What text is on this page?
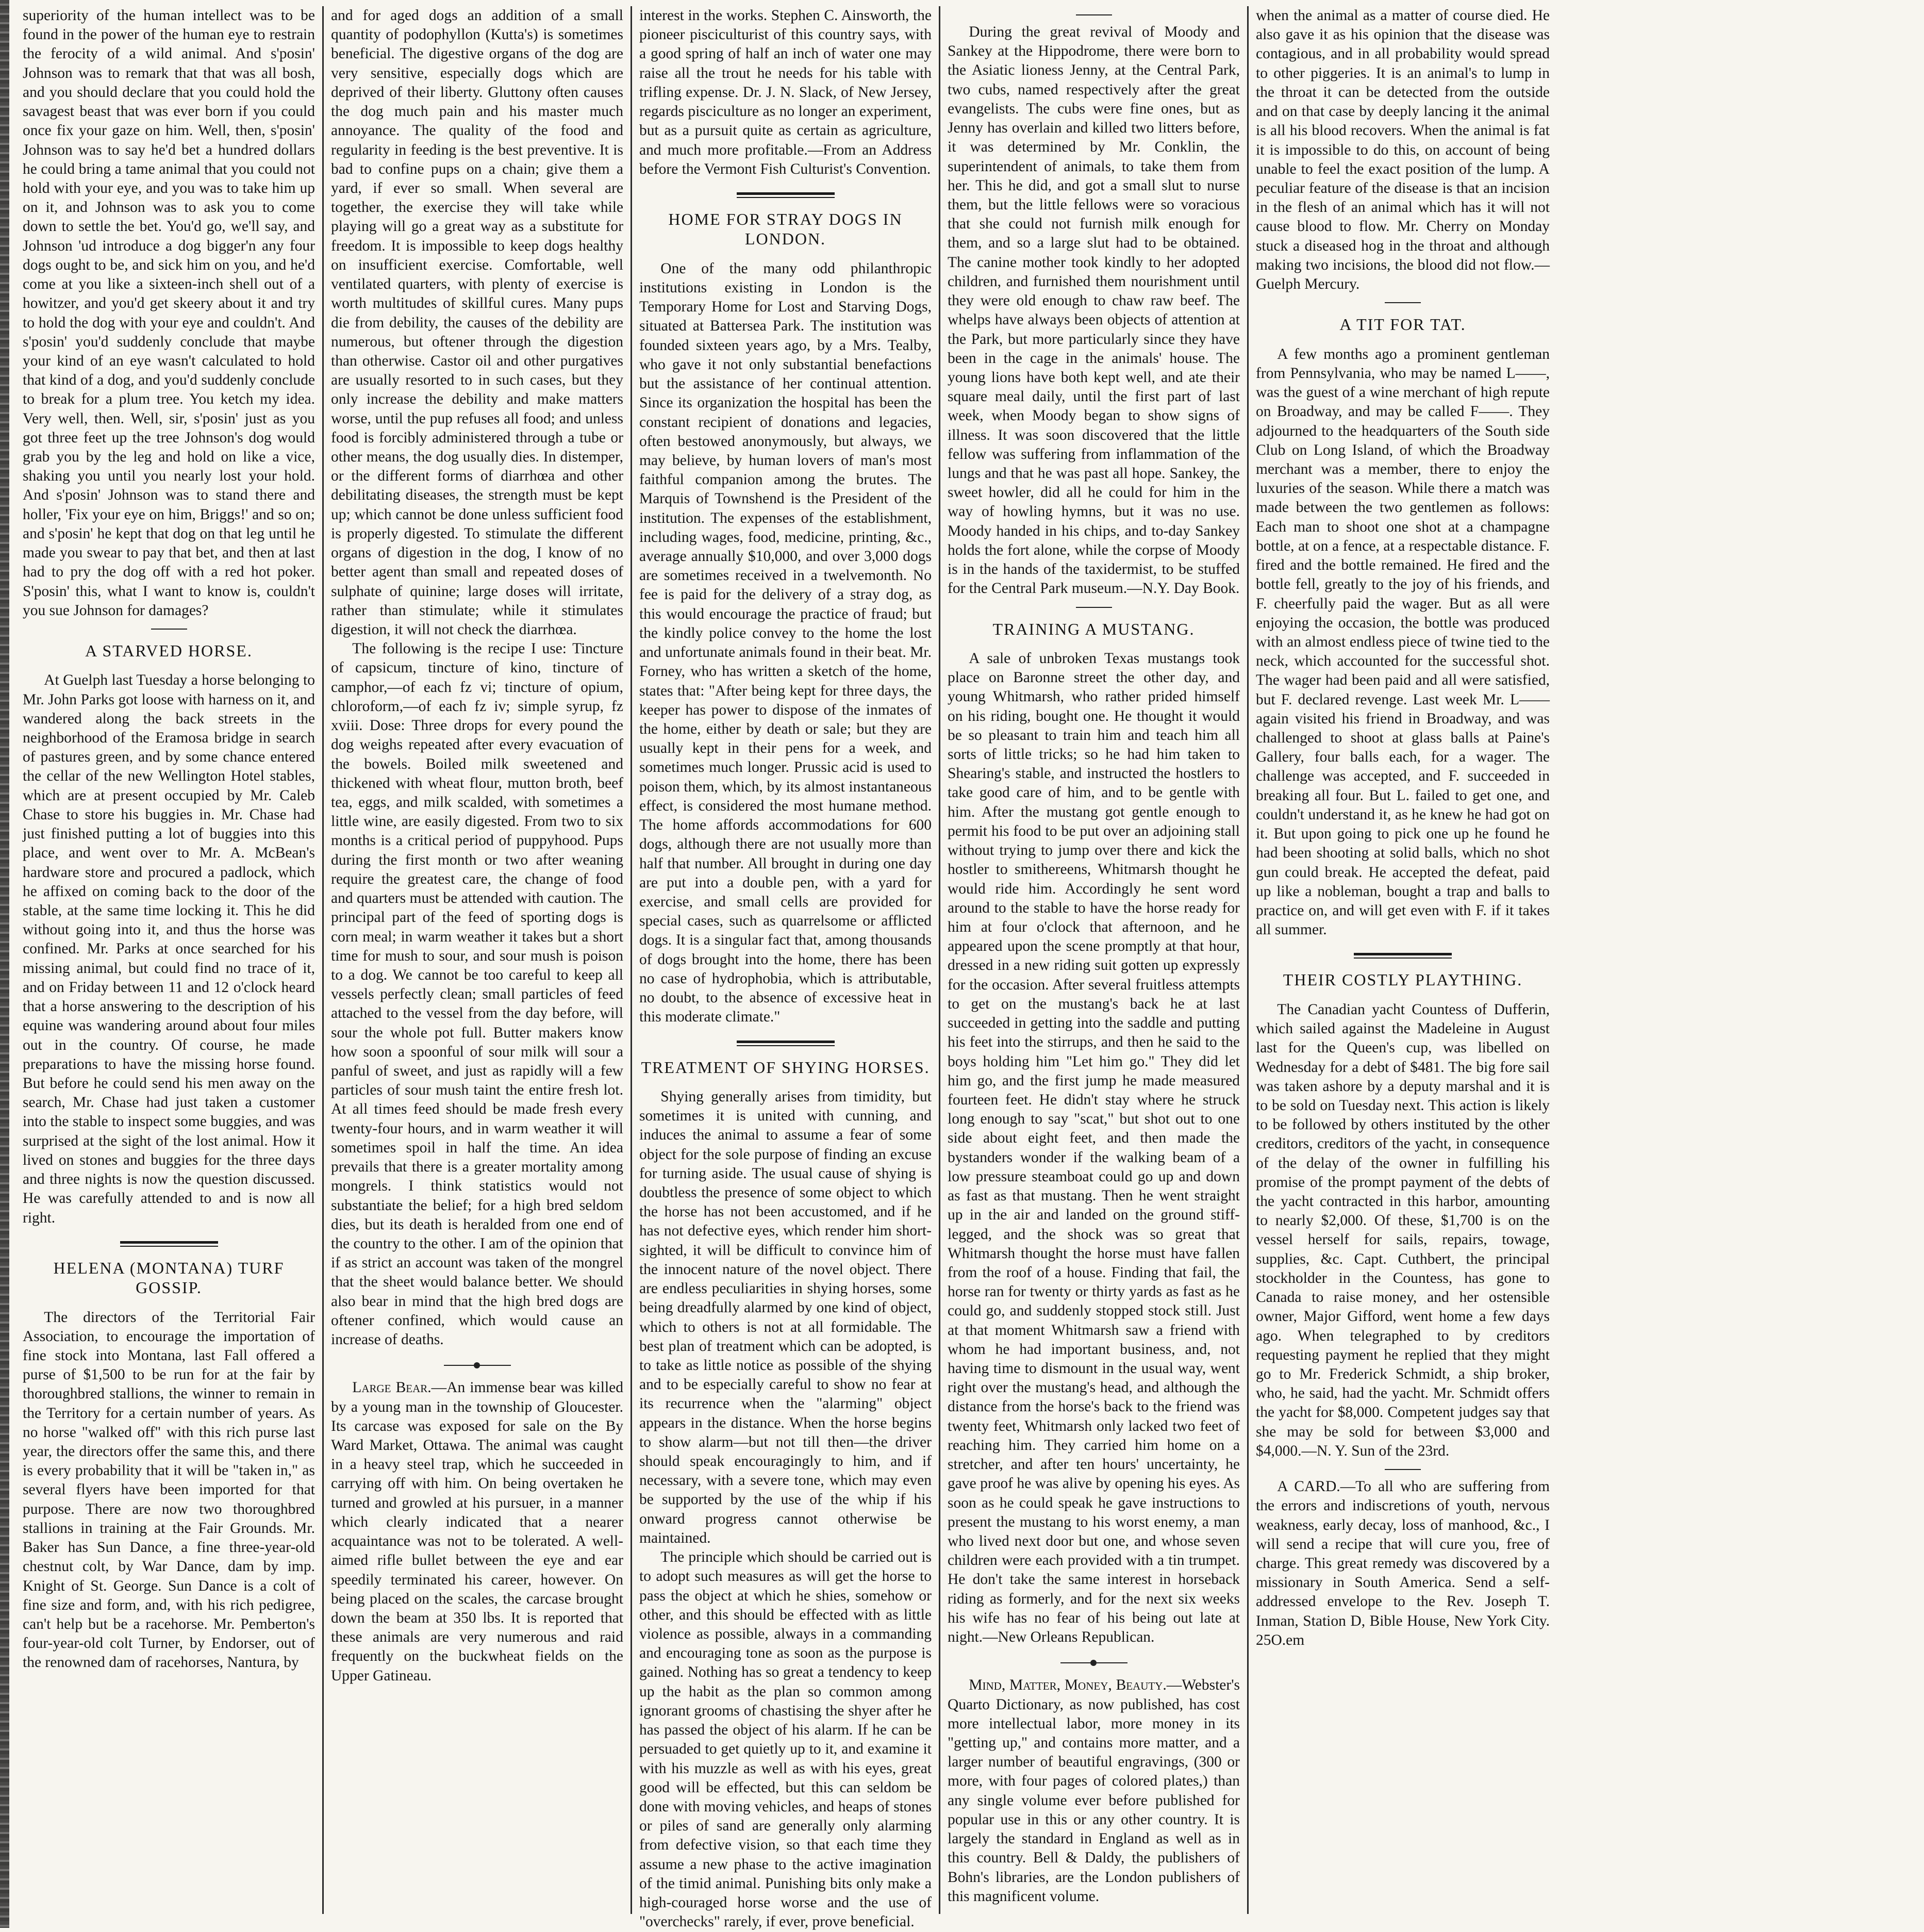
superiority of the human intellect was to be found in the power of the human eye to restrain the ferocity of a wild animal. And s'posin' Johnson was to remark that that was all bosh, and you should declare that you could hold the savagest beast that was ever born if you could once fix your gaze on him. Well, then, s'posin' Johnson was to say he'd bet a hundred dollars he could bring a tame animal that you could not hold with your eye, and you was to take him up on it, and Johnson was to ask you to come down to settle the bet. You'd go, we'll say, and Johnson 'ud introduce a dog bigger'n any four dogs ought to be, and sick him on you, and he'd come at you like a sixteen-inch shell out of a howitzer, and you'd get skeery about it and try to hold the dog with your eye and couldn't. And s'posin' you'd suddenly conclude that maybe your kind of an eye wasn't calculated to hold that kind of a dog, and you'd suddenly conclude to break for a plum tree. You ketch my idea. Very well, then. Well, sir, s'posin' just as you got three feet up the tree Johnson's dog would grab you by the leg and hold on like a vice, shaking you until you nearly lost your hold. And s'posin' Johnson was to stand there and holler, 'Fix your eye on him, Briggs!' and so on; and s'posin' he kept that dog on that leg until he made you swear to pay that bet, and then at last had to pry the dog off with a red hot poker. S'posin' this, what I want to know is, couldn't you sue Johnson for damages?

A STARVED HORSE.

At Guelph last Tuesday a horse belonging to Mr. John Parks got loose with harness on it, and wandered along the back streets in the neighborhood of the Eramosa bridge in search of pastures green, and by some chance entered the cellar of the new Wellington Hotel stables, which are at present occupied by Mr. Caleb Chase to store his buggies in. Mr. Chase had just finished putting a lot of buggies into this place, and went over to Mr. A. McBean's hardware store and procured a padlock, which he affixed on coming back to the door of the stable, at the same time locking it. This he did without going into it, and thus the horse was confined. Mr. Parks at once searched for his missing animal, but could find no trace of it, and on Friday between 11 and 12 o'clock heard that a horse answering to the description of his equine was wandering around about four miles out in the country. Of course, he made preparations to have the missing horse found. But before he could send his men away on the search, Mr. Chase had just taken a customer into the stable to inspect some buggies, and was surprised at the sight of the lost animal. How it lived on stones and buggies for the three days and three nights is now the question discussed. He was carefully attended to and is now all right.

HELENA (MONTANA) TURF GOSSIP.

The directors of the Territorial Fair Association, to encourage the importation of fine stock into Montana, last Fall offered a purse of $1,500 to be run for at the fair by thoroughbred stallions, the winner to remain in the Territory for a certain number of years. As no horse "walked off" with this rich purse last year, the directors offer the same this, and there is every probability that it will be "taken in," as several flyers have been imported for that purpose. There are now two thoroughbred stallions in training at the Fair Grounds. Mr. Baker has Sun Dance, a fine three-year-old chestnut colt, by War Dance, dam by imp. Knight of St. George. Sun Dance is a colt of fine size and form, and, with his rich pedigree, can't help but be a racehorse. Mr. Pemberton's four-year-old colt Turner, by Endorser, out of the renowned dam of racehorses, Nantura, by

and for aged dogs an addition of a small quantity of podophyllon (Kutta's) is sometimes beneficial. The digestive organs of the dog are very sensitive, especially dogs which are deprived of their liberty. Gluttony often causes the dog much pain and his master much annoyance. The quality of the food and regularity in feeding is the best preventive. It is bad to confine pups on a chain; give them a yard, if ever so small. When several are together, the exercise they will take while playing will go a great way as a substitute for freedom. It is impossible to keep dogs healthy on insufficient exercise. Comfortable, well ventilated quarters, with plenty of exercise is worth multitudes of skillful cures. Many pups die from debility, the causes of the debility are numerous, but oftener through the digestion than otherwise. Castor oil and other purgatives are usually resorted to in such cases, but they only increase the debility and make matters worse, until the pup refuses all food; and unless food is forcibly administered through a tube or other means, the dog usually dies. In distemper, or the different forms of diarrhœa and other debilitating diseases, the strength must be kept up; which cannot be done unless sufficient food is properly digested. To stimulate the different organs of digestion in the dog, I know of no better agent than small and repeated doses of sulphate of quinine; large doses will irritate, rather than stimulate; while it stimulates digestion, it will not check the diarrhœa.

The following is the recipe I use: Tincture of capsicum, tincture of kino, tincture of camphor,—of each fz vi; tincture of opium, chloroform,—of each fz iv; simple syrup, fz xviii. Dose: Three drops for every pound the dog weighs repeated after every evacuation of the bowels. Boiled milk sweetened and thickened with wheat flour, mutton broth, beef tea, eggs, and milk scalded, with sometimes a little wine, are easily digested. From two to six months is a critical period of puppyhood. Pups during the first month or two after weaning require the greatest care, the change of food and quarters must be attended with caution. The principal part of the feed of sporting dogs is corn meal; in warm weather it takes but a short time for mush to sour, and sour mush is poison to a dog. We cannot be too careful to keep all vessels perfectly clean; small particles of feed attached to the vessel from the day before, will sour the whole pot full. Butter makers know how soon a spoonful of sour milk will sour a panful of sweet, and just as rapidly will a few particles of sour mush taint the entire fresh lot. At all times feed should be made fresh every twenty-four hours, and in warm weather it will sometimes spoil in half the time. An idea prevails that there is a greater mortality among mongrels. I think statistics would not substantiate the belief; for a high bred seldom dies, but its death is heralded from one end of the country to the other. I am of the opinion that if as strict an account was taken of the mongrel that the sheet would balance better. We should also bear in mind that the high bred dogs are oftener confined, which would cause an increase of deaths.

Large Bear.—An immense bear was killed by a young man in the township of Gloucester. Its carcase was exposed for sale on the By Ward Market, Ottawa. The animal was caught in a heavy steel trap, which he succeeded in carrying off with him. On being overtaken he turned and growled at his pursuer, in a manner which clearly indicated that a nearer acquaintance was not to be tolerated. A well-aimed rifle bullet between the eye and ear speedily terminated his career, however. On being placed on the scales, the carcase brought down the beam at 350 lbs. It is reported that these animals are very numerous and raid frequently on the buckwheat fields on the Upper Gatineau.

interest in the works. Stephen C. Ainsworth, the pioneer pisciculturist of this country says, with a good spring of half an inch of water one may raise all the trout he needs for his table with trifling expense. Dr. J. N. Slack, of New Jersey, regards pisciculture as no longer an experiment, but as a pursuit quite as certain as agriculture, and much more profitable.—From an Address before the Vermont Fish Culturist's Convention.

HOME FOR STRAY DOGS IN LONDON.

One of the many odd philanthropic institutions existing in London is the Temporary Home for Lost and Starving Dogs, situated at Battersea Park. The institution was founded sixteen years ago, by a Mrs. Tealby, who gave it not only substantial benefactions but the assistance of her continual attention. Since its organization the hospital has been the constant recipient of donations and legacies, often bestowed anonymously, but always, we may believe, by human lovers of man's most faithful companion among the brutes. The Marquis of Townshend is the President of the institution. The expenses of the establishment, including wages, food, medicine, printing, &c., average annually $10,000, and over 3,000 dogs are sometimes received in a twelvemonth. No fee is paid for the delivery of a stray dog, as this would encourage the practice of fraud; but the kindly police convey to the home the lost and unfortunate animals found in their beat. Mr. Forney, who has written a sketch of the home, states that: "After being kept for three days, the keeper has power to dispose of the inmates of the home, either by death or sale; but they are usually kept in their pens for a week, and sometimes much longer. Prussic acid is used to poison them, which, by its almost instantaneous effect, is considered the most humane method. The home affords accommodations for 600 dogs, although there are not usually more than half that number. All brought in during one day are put into a double pen, with a yard for exercise, and small cells are provided for special cases, such as quarrelsome or afflicted dogs. It is a singular fact that, among thousands of dogs brought into the home, there has been no case of hydrophobia, which is attributable, no doubt, to the absence of excessive heat in this moderate climate."

TREATMENT OF SHYING HORSES.

Shying generally arises from timidity, but sometimes it is united with cunning, and induces the animal to assume a fear of some object for the sole purpose of finding an excuse for turning aside. The usual cause of shying is doubtless the presence of some object to which the horse has not been accustomed, and if he has not defective eyes, which render him short-sighted, it will be difficult to convince him of the innocent nature of the novel object. There are endless peculiarities in shying horses, some being dreadfully alarmed by one kind of object, which to others is not at all formidable. The best plan of treatment which can be adopted, is to take as little notice as possible of the shying and to be especially careful to show no fear at its recurrence when the "alarming" object appears in the distance. When the horse begins to show alarm—but not till then—the driver should speak encouragingly to him, and if necessary, with a severe tone, which may even be supported by the use of the whip if his onward progress cannot otherwise be maintained.

The principle which should be carried out is to adopt such measures as will get the horse to pass the object at which he shies, somehow or other, and this should be effected with as little violence as possible, always in a commanding and encouraging tone as soon as the purpose is gained. Nothing has so great a tendency to keep up the habit as the plan so common among ignorant grooms of chastising the shyer after he has passed the object of his alarm. If he can be persuaded to get quietly up to it, and examine it with his muzzle as well as with his eyes, great good will be effected, but this can seldom be done with moving vehicles, and heaps of stones or piles of sand are generally only alarming from defective vision, so that each time they assume a new phase to the active imagination of the timid animal. Punishing bits only make a high-couraged horse worse and the use of "overchecks" rarely, if ever, prove beneficial.

During the great revival of Moody and Sankey at the Hippodrome, there were born to the Asiatic lioness Jenny, at the Central Park, two cubs, named respectively after the great evangelists. The cubs were fine ones, but as Jenny has overlain and killed two litters before, it was determined by Mr. Conklin, the superintendent of animals, to take them from her. This he did, and got a small slut to nurse them, but the little fellows were so voracious that she could not furnish milk enough for them, and so a large slut had to be obtained. The canine mother took kindly to her adopted children, and furnished them nourishment until they were old enough to chaw raw beef. The whelps have always been objects of attention at the Park, but more particularly since they have been in the cage in the animals' house. The young lions have both kept well, and ate their square meal daily, until the first part of last week, when Moody began to show signs of illness. It was soon discovered that the little fellow was suffering from inflammation of the lungs and that he was past all hope. Sankey, the sweet howler, did all he could for him in the way of howling hymns, but it was no use. Moody handed in his chips, and to-day Sankey holds the fort alone, while the corpse of Moody is in the hands of the taxidermist, to be stuffed for the Central Park museum.—N.Y. Day Book.

TRAINING A MUSTANG.

A sale of unbroken Texas mustangs took place on Baronne street the other day, and young Whitmarsh, who rather prided himself on his riding, bought one. He thought it would be so pleasant to train him and teach him all sorts of little tricks; so he had him taken to Shearing's stable, and instructed the hostlers to take good care of him, and to be gentle with him. After the mustang got gentle enough to permit his food to be put over an adjoining stall without trying to jump over there and kick the hostler to smithereens, Whitmarsh thought he would ride him. Accordingly he sent word around to the stable to have the horse ready for him at four o'clock that afternoon, and he appeared upon the scene promptly at that hour, dressed in a new riding suit gotten up expressly for the occasion. After several fruitless attempts to get on the mustang's back he at last succeeded in getting into the saddle and putting his feet into the stirrups, and then he said to the boys holding him "Let him go." They did let him go, and the first jump he made measured fourteen feet. He didn't stay where he struck long enough to say "scat," but shot out to one side about eight feet, and then made the bystanders wonder if the walking beam of a low pressure steamboat could go up and down as fast as that mustang. Then he went straight up in the air and landed on the ground stiff-legged, and the shock was so great that Whitmarsh thought the horse must have fallen from the roof of a house. Finding that fail, the horse ran for twenty or thirty yards as fast as he could go, and suddenly stopped stock still. Just at that moment Whitmarsh saw a friend with whom he had important business, and, not having time to dismount in the usual way, went right over the mustang's head, and although the distance from the horse's back to the friend was twenty feet, Whitmarsh only lacked two feet of reaching him. They carried him home on a stretcher, and after ten hours' uncertainty, he gave proof he was alive by opening his eyes. As soon as he could speak he gave instructions to present the mustang to his worst enemy, a man who lived next door but one, and whose seven children were each provided with a tin trumpet. He don't take the same interest in horseback riding as formerly, and for the next six weeks his wife has no fear of his being out late at night.—New Orleans Republican.

Mind, Matter, Money, Beauty.—Webster's Quarto Dictionary, as now published, has cost more intellectual labor, more money in its "getting up," and contains more matter, and a larger number of beautiful engravings, (300 or more, with four pages of colored plates,) than any single volume ever before published for popular use in this or any other country. It is largely the standard in England as well as in this country. Bell & Daldy, the publishers of Bohn's libraries, are the London publishers of this magnificent volume.

when the animal as a matter of course died. He also gave it as his opinion that the disease was contagious, and in all probability would spread to other piggeries. It is an animal's to lump in the throat it can be detected from the outside and on that case by deeply lancing it the animal is all his blood recovers. When the animal is fat it is impossible to do this, on account of being unable to feel the exact position of the lump. A peculiar feature of the disease is that an incision in the flesh of an animal which has it will not cause blood to flow. Mr. Cherry on Monday stuck a diseased hog in the throat and although making two incisions, the blood did not flow.—Guelph Mercury.

A TIT FOR TAT.

A few months ago a prominent gentleman from Pennsylvania, who may be named L——, was the guest of a wine merchant of high repute on Broadway, and may be called F——. They adjourned to the headquarters of the South side Club on Long Island, of which the Broadway merchant was a member, there to enjoy the luxuries of the season. While there a match was made between the two gentlemen as follows: Each man to shoot one shot at a champagne bottle, at on a fence, at a respectable distance. F. fired and the bottle remained. He fired and the bottle fell, greatly to the joy of his friends, and F. cheerfully paid the wager. But as all were enjoying the occasion, the bottle was produced with an almost endless piece of twine tied to the neck, which accounted for the successful shot. The wager had been paid and all were satisfied, but F. declared revenge. Last week Mr. L—— again visited his friend in Broadway, and was challenged to shoot at glass balls at Paine's Gallery, four balls each, for a wager. The challenge was accepted, and F. succeeded in breaking all four. But L. failed to get one, and couldn't understand it, as he knew he had got on it. But upon going to pick one up he found he had been shooting at solid balls, which no shot gun could break. He accepted the defeat, paid up like a nobleman, bought a trap and balls to practice on, and will get even with F. if it takes all summer.

THEIR COSTLY PLAYTHING.

The Canadian yacht Countess of Dufferin, which sailed against the Madeleine in August last for the Queen's cup, was libelled on Wednesday for a debt of $481. The big fore sail was taken ashore by a deputy marshal and it is to be sold on Tuesday next. This action is likely to be followed by others instituted by the other creditors, creditors of the yacht, in consequence of the delay of the owner in fulfilling his promise of the prompt payment of the debts of the yacht contracted in this harbor, amounting to nearly $2,000. Of these, $1,700 is on the vessel herself for sails, repairs, towage, supplies, &c. Capt. Cuthbert, the principal stockholder in the Countess, has gone to Canada to raise money, and her ostensible owner, Major Gifford, went home a few days ago. When telegraphed to by creditors requesting payment he replied that they might go to Mr. Frederick Schmidt, a ship broker, who, he said, had the yacht. Mr. Schmidt offers the yacht for $8,000. Competent judges say that she may be sold for between $3,000 and $4,000.—N. Y. Sun of the 23rd.

A CARD.—To all who are suffering from the errors and indiscretions of youth, nervous weakness, early decay, loss of manhood, &c., I will send a recipe that will cure you, free of charge. This great remedy was discovered by a missionary in South America. Send a self-addressed envelope to the Rev. Joseph T. Inman, Station D, Bible House, New York City. 25O.em
